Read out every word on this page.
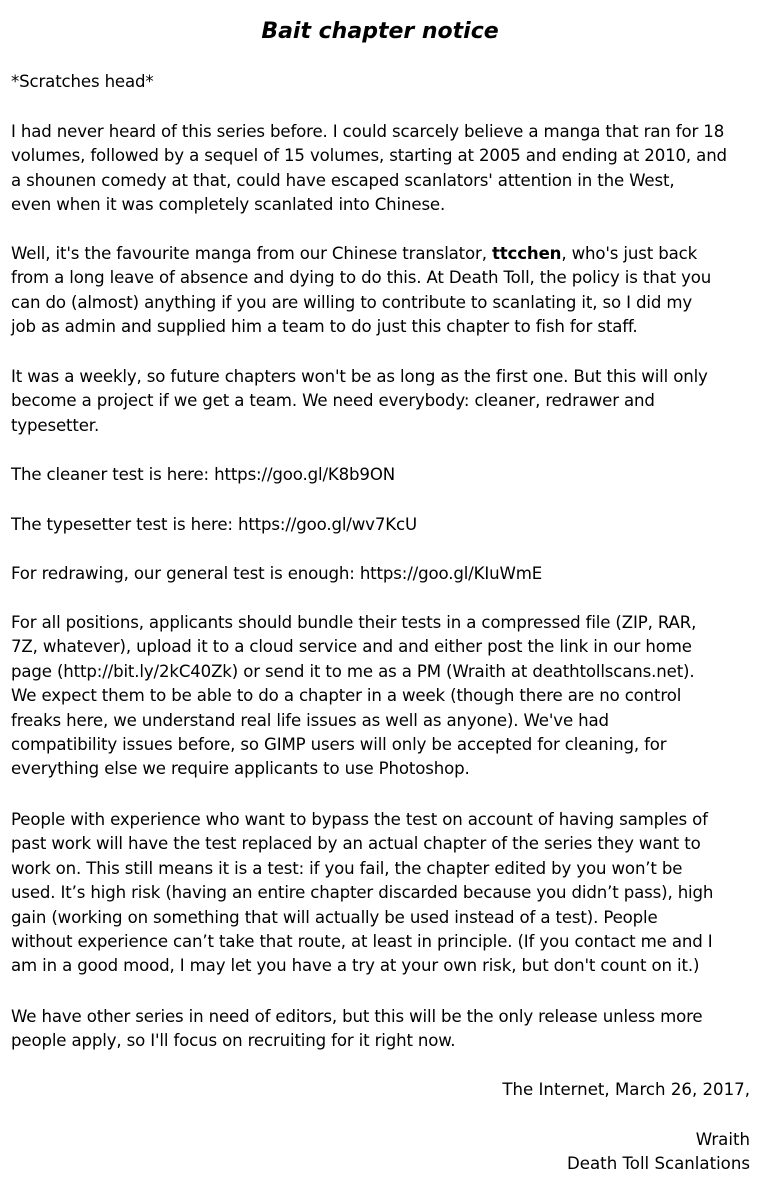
Bait chapter notice

*Scratches head*

I had never heard of this series before. I could scarcely believe a manga that ran for 18
volumes, followed by a sequel of 15 volumes, starting at 2005 and ending at 2010, and
a shounen comedy at that, could have escaped scanlators' attention in the West,
even when it was completely scanlated into Chinese.

Well, it's the favourite manga from our Chinese translator, ttcchen, who's just back
from a long leave of absence and dying to do this. At Death Toll, the policy is that you
can do (almost) anything if you are willing to contribute to scanlating it, so I did my
job as admin and supplied him a team to do just this chapter to fish for staff.

It was a weekly, so future chapters won't be as long as the first one. But this will only
become a project if we get a team. We need everybody: cleaner, redrawer and
typesetter.

The cleaner test is here: https://goo.gl/K8b9ON

The typesetter test is here: https://goo.gl/wv7KcU

For redrawing, our general test is enough: https://goo.gl/KIuWmE

For all positions, applicants should bundle their tests in a compressed file (ZIP, RAR,
7Z, whatever), upload it to a cloud service and and either post the link in our home
page (http://bit.ly/2kC40Zk) or send it to me as a PM (Wraith at deathtollscans.net).
We expect them to be able to do a chapter in a week (though there are no control
freaks here, we understand real life issues as well as anyone). We've had
compatibility issues before, so GIMP users will only be accepted for cleaning, for
everything else we require applicants to use Photoshop.

People with experience who want to bypass the test on account of having samples of
past work will have the test replaced by an actual chapter of the series they want to
work on. This still means it is a test: if you fail, the chapter edited by you won’t be
used. It’s high risk (having an entire chapter discarded because you didn’t pass), high
gain (working on something that will actually be used instead of a test). People
without experience can’t take that route, at least in principle. (If you contact me and I
am in a good mood, I may let you have a try at your own risk, but don't count on it.)

We have other series in need of editors, but this will be the only release unless more
people apply, so I'll focus on recruiting for it right now.

The Internet, March 26, 2017,

Wraith

Death Toll Scanlations
